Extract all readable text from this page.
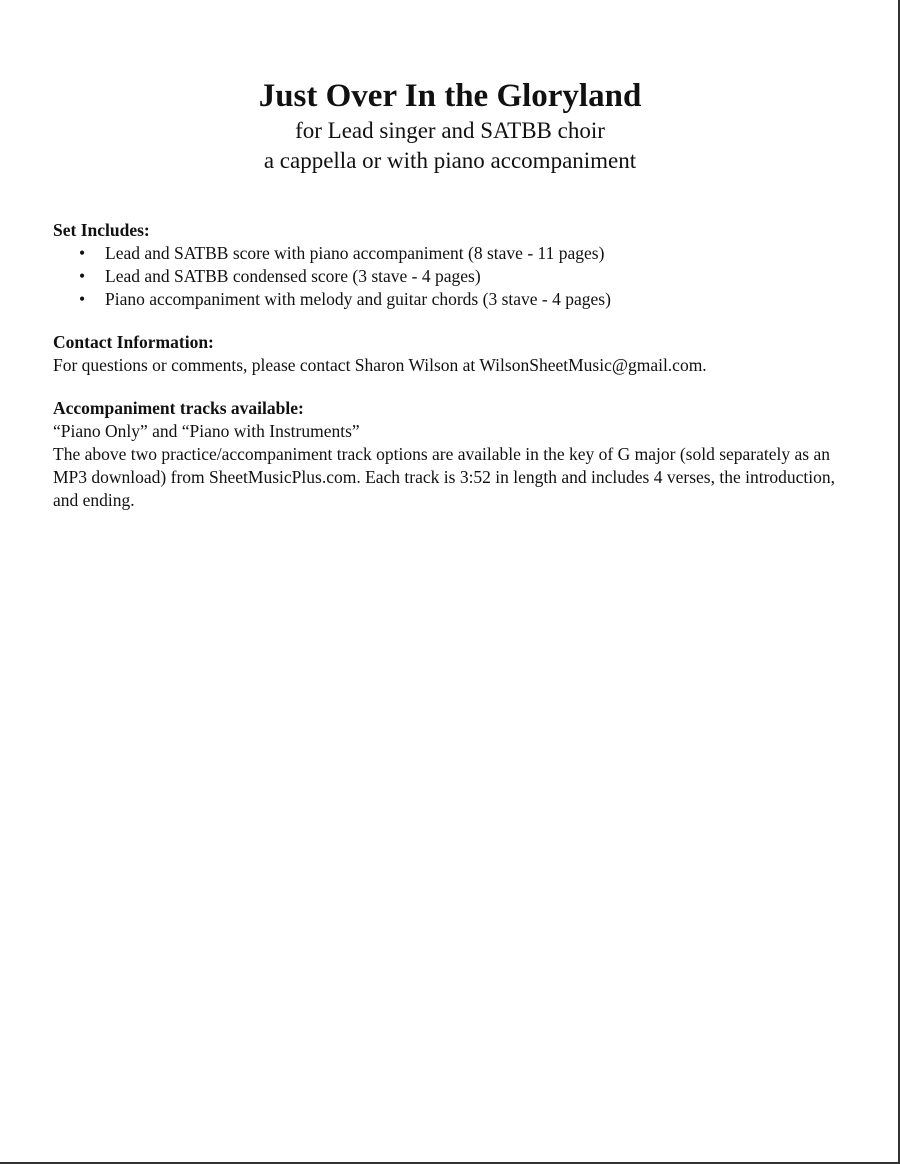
Just Over In the Gloryland

for Lead singer and SATBB choir

a cappella or with piano accompaniment

Set Includes:

• Lead and SATBB score with piano accompaniment (8 stave - 11 pages)
• Lead and SATBB condensed score (3 stave - 4 pages)
• Piano accompaniment with melody and guitar chords (3 stave - 4 pages)

Contact Information:

For questions or comments, please contact Sharon Wilson at WilsonSheetMusic@gmail.com.

Accompaniment tracks available:

“Piano Only” and “Piano with Instruments”

The above two practice/accompaniment track options are available in the key of G major (sold separately as an MP3 download) from SheetMusicPlus.com. Each track is 3:52 in length and includes 4 verses, the introduction, and ending.
